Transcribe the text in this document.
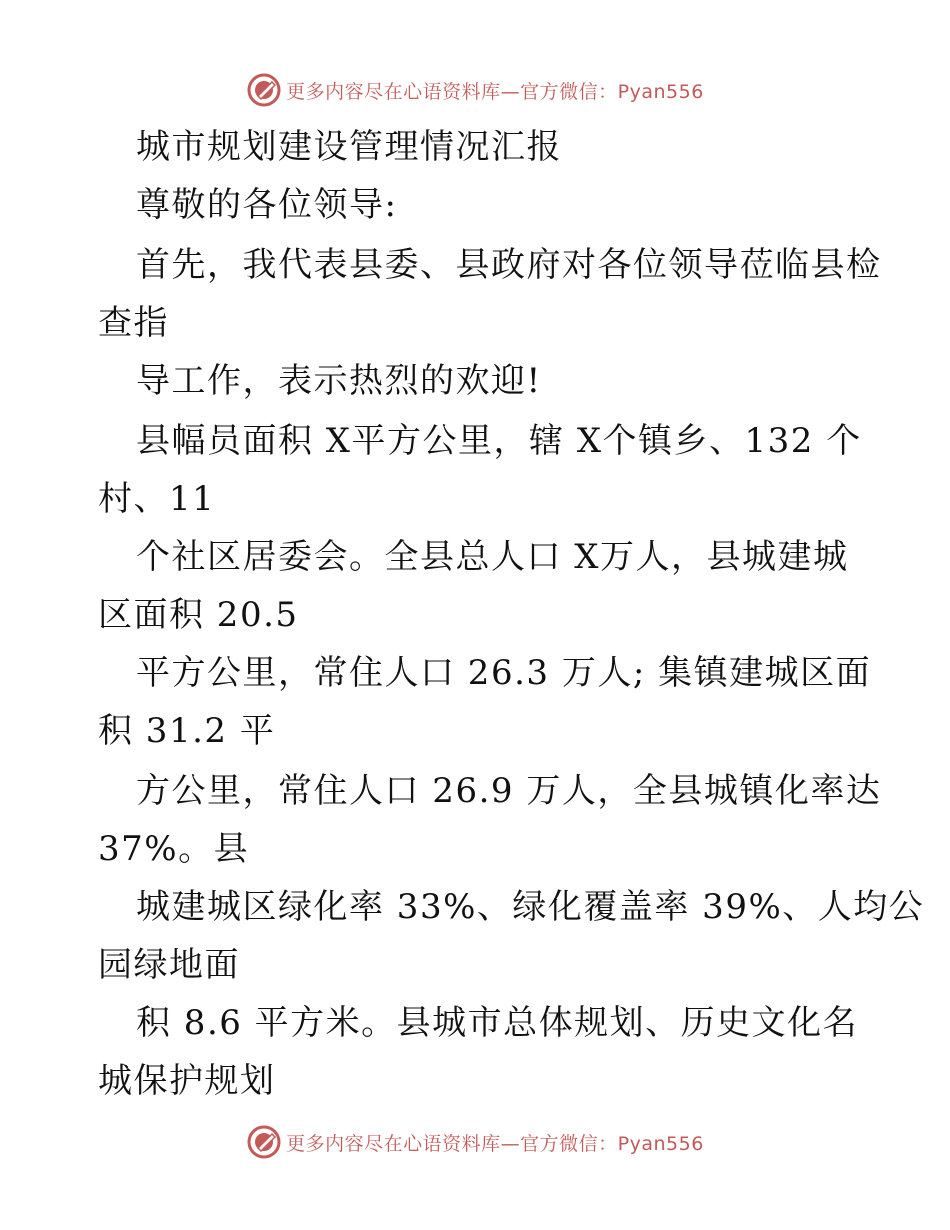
更多内容尽在心语资料库—官方微信：Pyan556
城市规划建设管理情况汇报
尊敬的各位领导:
首先，我代表县委、县政府对各位领导莅临县检
查指
导工作，表示热烈的欢迎!
县幅员面积 X平方公里，辖 X个镇乡、132 个
村、11
个社区居委会。全县总人口 X万人，县城建城
区面积 20.5
平方公里，常住人口 26.3 万人; 集镇建城区面
积 31.2 平
方公里，常住人口 26.9 万人，全县城镇化率达
37%。县
城建城区绿化率 33%、绿化覆盖率 39%、人均公
园绿地面
积 8.6 平方米。县城市总体规划、历史文化名
城保护规划
更多内容尽在心语资料库—官方微信：Pyan556
